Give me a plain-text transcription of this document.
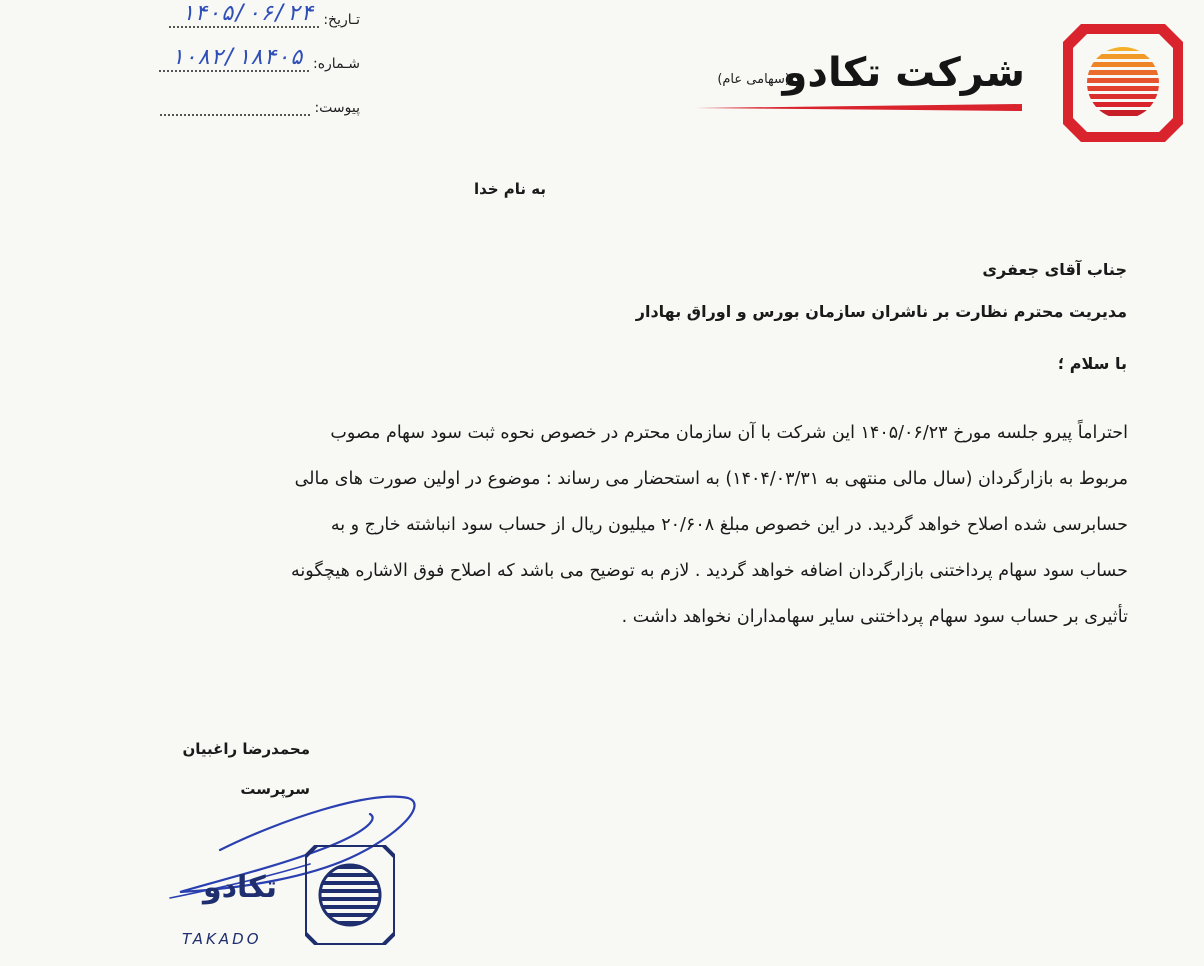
شرکت تکادو
(سهامی عام)
تـاریخ:
۱۴۰۵/۰۶/۲۴
شـماره:
۱۰۸۲/۱۸۴۰۵
پیوست:
به نام خدا
جناب آقای جعفری
مدیریت محترم نظارت بر ناشران سازمان بورس و اوراق بهادار
با سلام ؛
احتراماً پیرو جلسه مورخ ۱۴۰۵/۰۶/۲۳ این شرکت با آن سازمان محترم در خصوص نحوه ثبت سود سهام مصوب
مربوط به بازارگردان (سال مالی منتهی به ۱۴۰۴/۰۳/۳۱) به استحضار می رساند : موضوع در اولین صورت های مالی
حسابرسی شده اصلاح خواهد گردید. در این خصوص مبلغ ۲۰/۶۰۸ میلیون ریال از حساب سود انباشته خارج و به
حساب سود سهام پرداختنی بازارگردان اضافه خواهد گردید . لازم به توضیح می باشد که اصلاح فوق الاشاره هیچگونه
تأثیری بر حساب سود سهام پرداختنی سایر سهامداران نخواهد داشت .
محمدرضا راغبیان
سرپرست
تکادو
TAKADO
